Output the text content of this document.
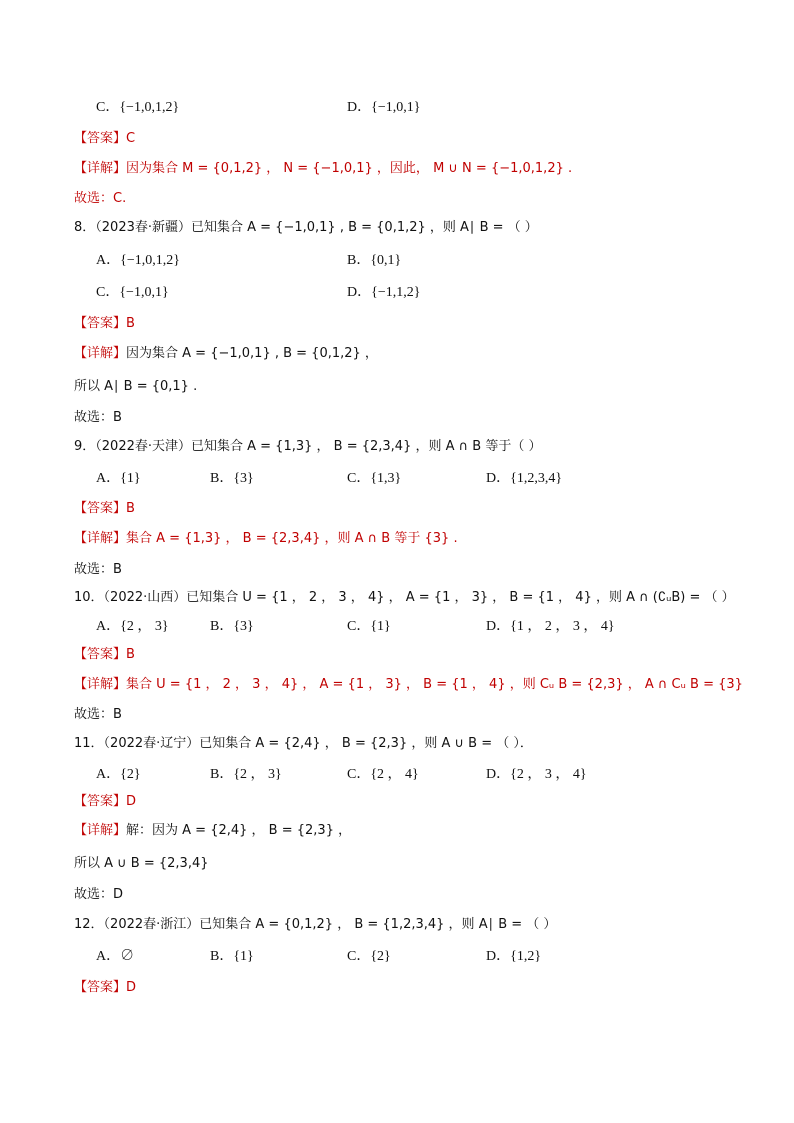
C．{−1,0,1,2}	D．{−1,0,1}
【答案】C
【详解】因为集合 M = {0,1,2} ， N = {−1,0,1} ，因此， M ∪ N = {−1,0,1,2} .
故选：C.
8．（2023春·新疆）已知集合 A = {−1,0,1} , B = {0,1,2} ，则 A∣ B = （ ）
A．{−1,0,1,2}	B．{0,1}
C．{−1,0,1}	D．{−1,1,2}
【答案】B
【详解】因为集合 A = {−1,0,1} , B = {0,1,2} ，
所以 A∣ B = {0,1} .
故选：B
9．（2022春·天津）已知集合 A = {1,3} ， B = {2,3,4} ，则 A ∩ B 等于（ ）
A．{1}	B．{3}	C．{1,3}	D．{1,2,3,4}
【答案】B
【详解】集合 A = {1,3} ， B = {2,3,4} ，则 A ∩ B 等于 {3} .
故选：B
10．（2022·山西）已知集合 U = {1 ， 2 ， 3 ， 4} ， A = {1 ， 3} ， B = {1 ， 4} ，则 A ∩ (∁ᵤB) = （ ）
A．{2 ， 3}	B．{3}	C．{1}	D．{1 ， 2 ， 3 ， 4}
【答案】B
【详解】集合 U = {1 ， 2 ， 3 ， 4} ， A = {1 ， 3} ， B = {1 ， 4} ，则 Cᵤ B = {2,3} ， A ∩ Cᵤ B = {3}
故选：B
11．（2022春·辽宁）已知集合 A = {2,4} ， B = {2,3} ，则 A ∪ B = （ ）．
A．{2}	B．{2 ， 3}	C．{2 ， 4}	D．{2 ， 3 ， 4}
【答案】D
【详解】解：因为 A = {2,4} ， B = {2,3} ，
所以 A ∪ B = {2,3,4}
故选：D
12．（2022春·浙江）已知集合 A = {0,1,2} ， B = {1,2,3,4} ，则 A∣ B = （ ）
A．∅	B．{1}	C．{2}	D．{1,2}
【答案】D
